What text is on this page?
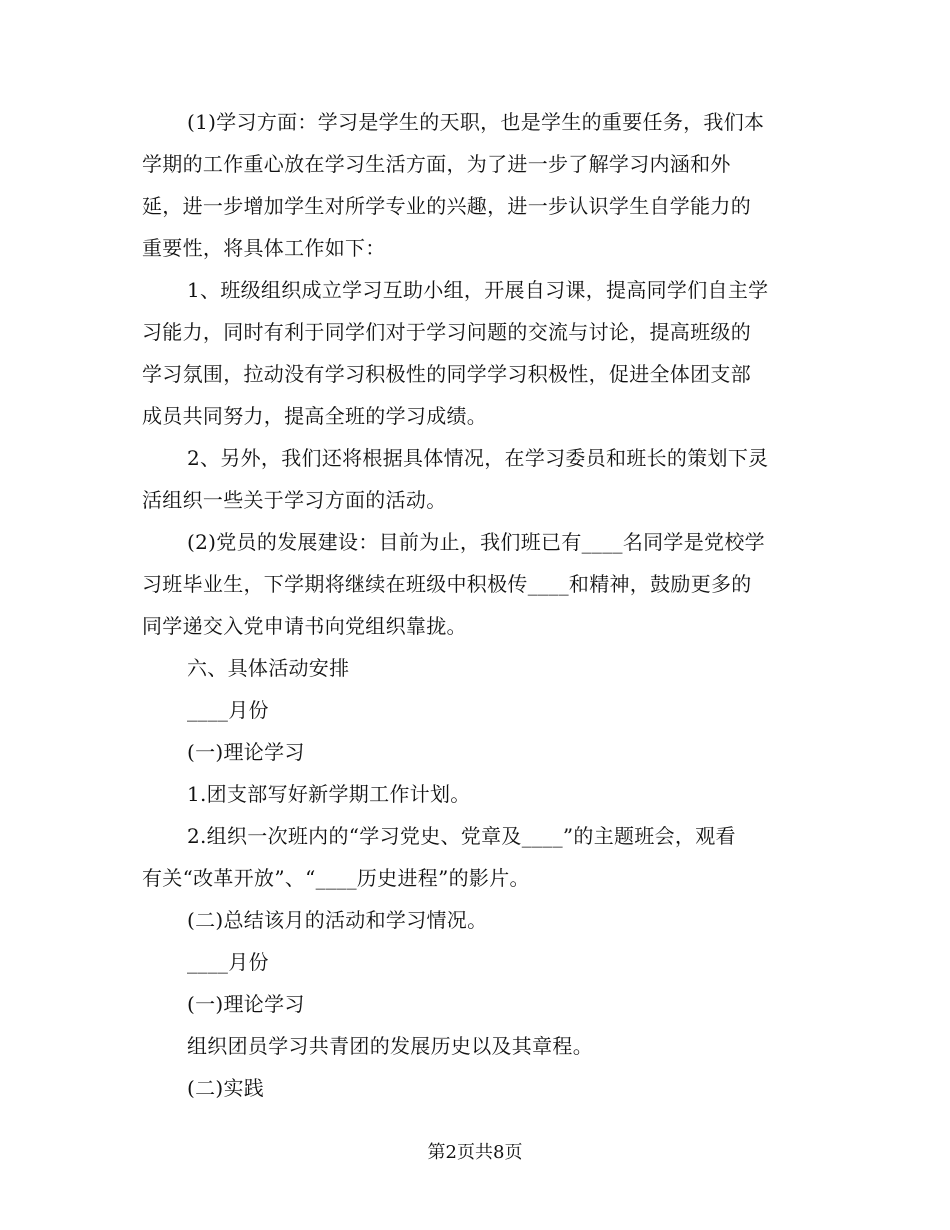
(1)学习方面：学习是学生的天职，也是学生的重要任务，我们本
学期的工作重心放在学习生活方面，为了进一步了解学习内涵和外
延，进一步增加学生对所学专业的兴趣，进一步认识学生自学能力的
重要性，将具体工作如下：

1、班级组织成立学习互助小组，开展自习课，提高同学们自主学
习能力，同时有利于同学们对于学习问题的交流与讨论，提高班级的
学习氛围，拉动没有学习积极性的同学学习积极性，促进全体团支部
成员共同努力，提高全班的学习成绩。

2、另外，我们还将根据具体情况，在学习委员和班长的策划下灵
活组织一些关于学习方面的活动。

(2)党员的发展建设：目前为止，我们班已有____名同学是党校学
习班毕业生，下学期将继续在班级中积极传____和精神，鼓励更多的
同学递交入党申请书向党组织靠拢。

六、具体活动安排

____月份

(一)理论学习

1.团支部写好新学期工作计划。

2.组织一次班内的“学习党史、党章及____”的主题班会，观看
有关“改革开放”、“____历史进程”的影片。

(二)总结该月的活动和学习情况。

____月份

(一)理论学习

组织团员学习共青团的发展历史以及其章程。

(二)实践

第2页共8页
